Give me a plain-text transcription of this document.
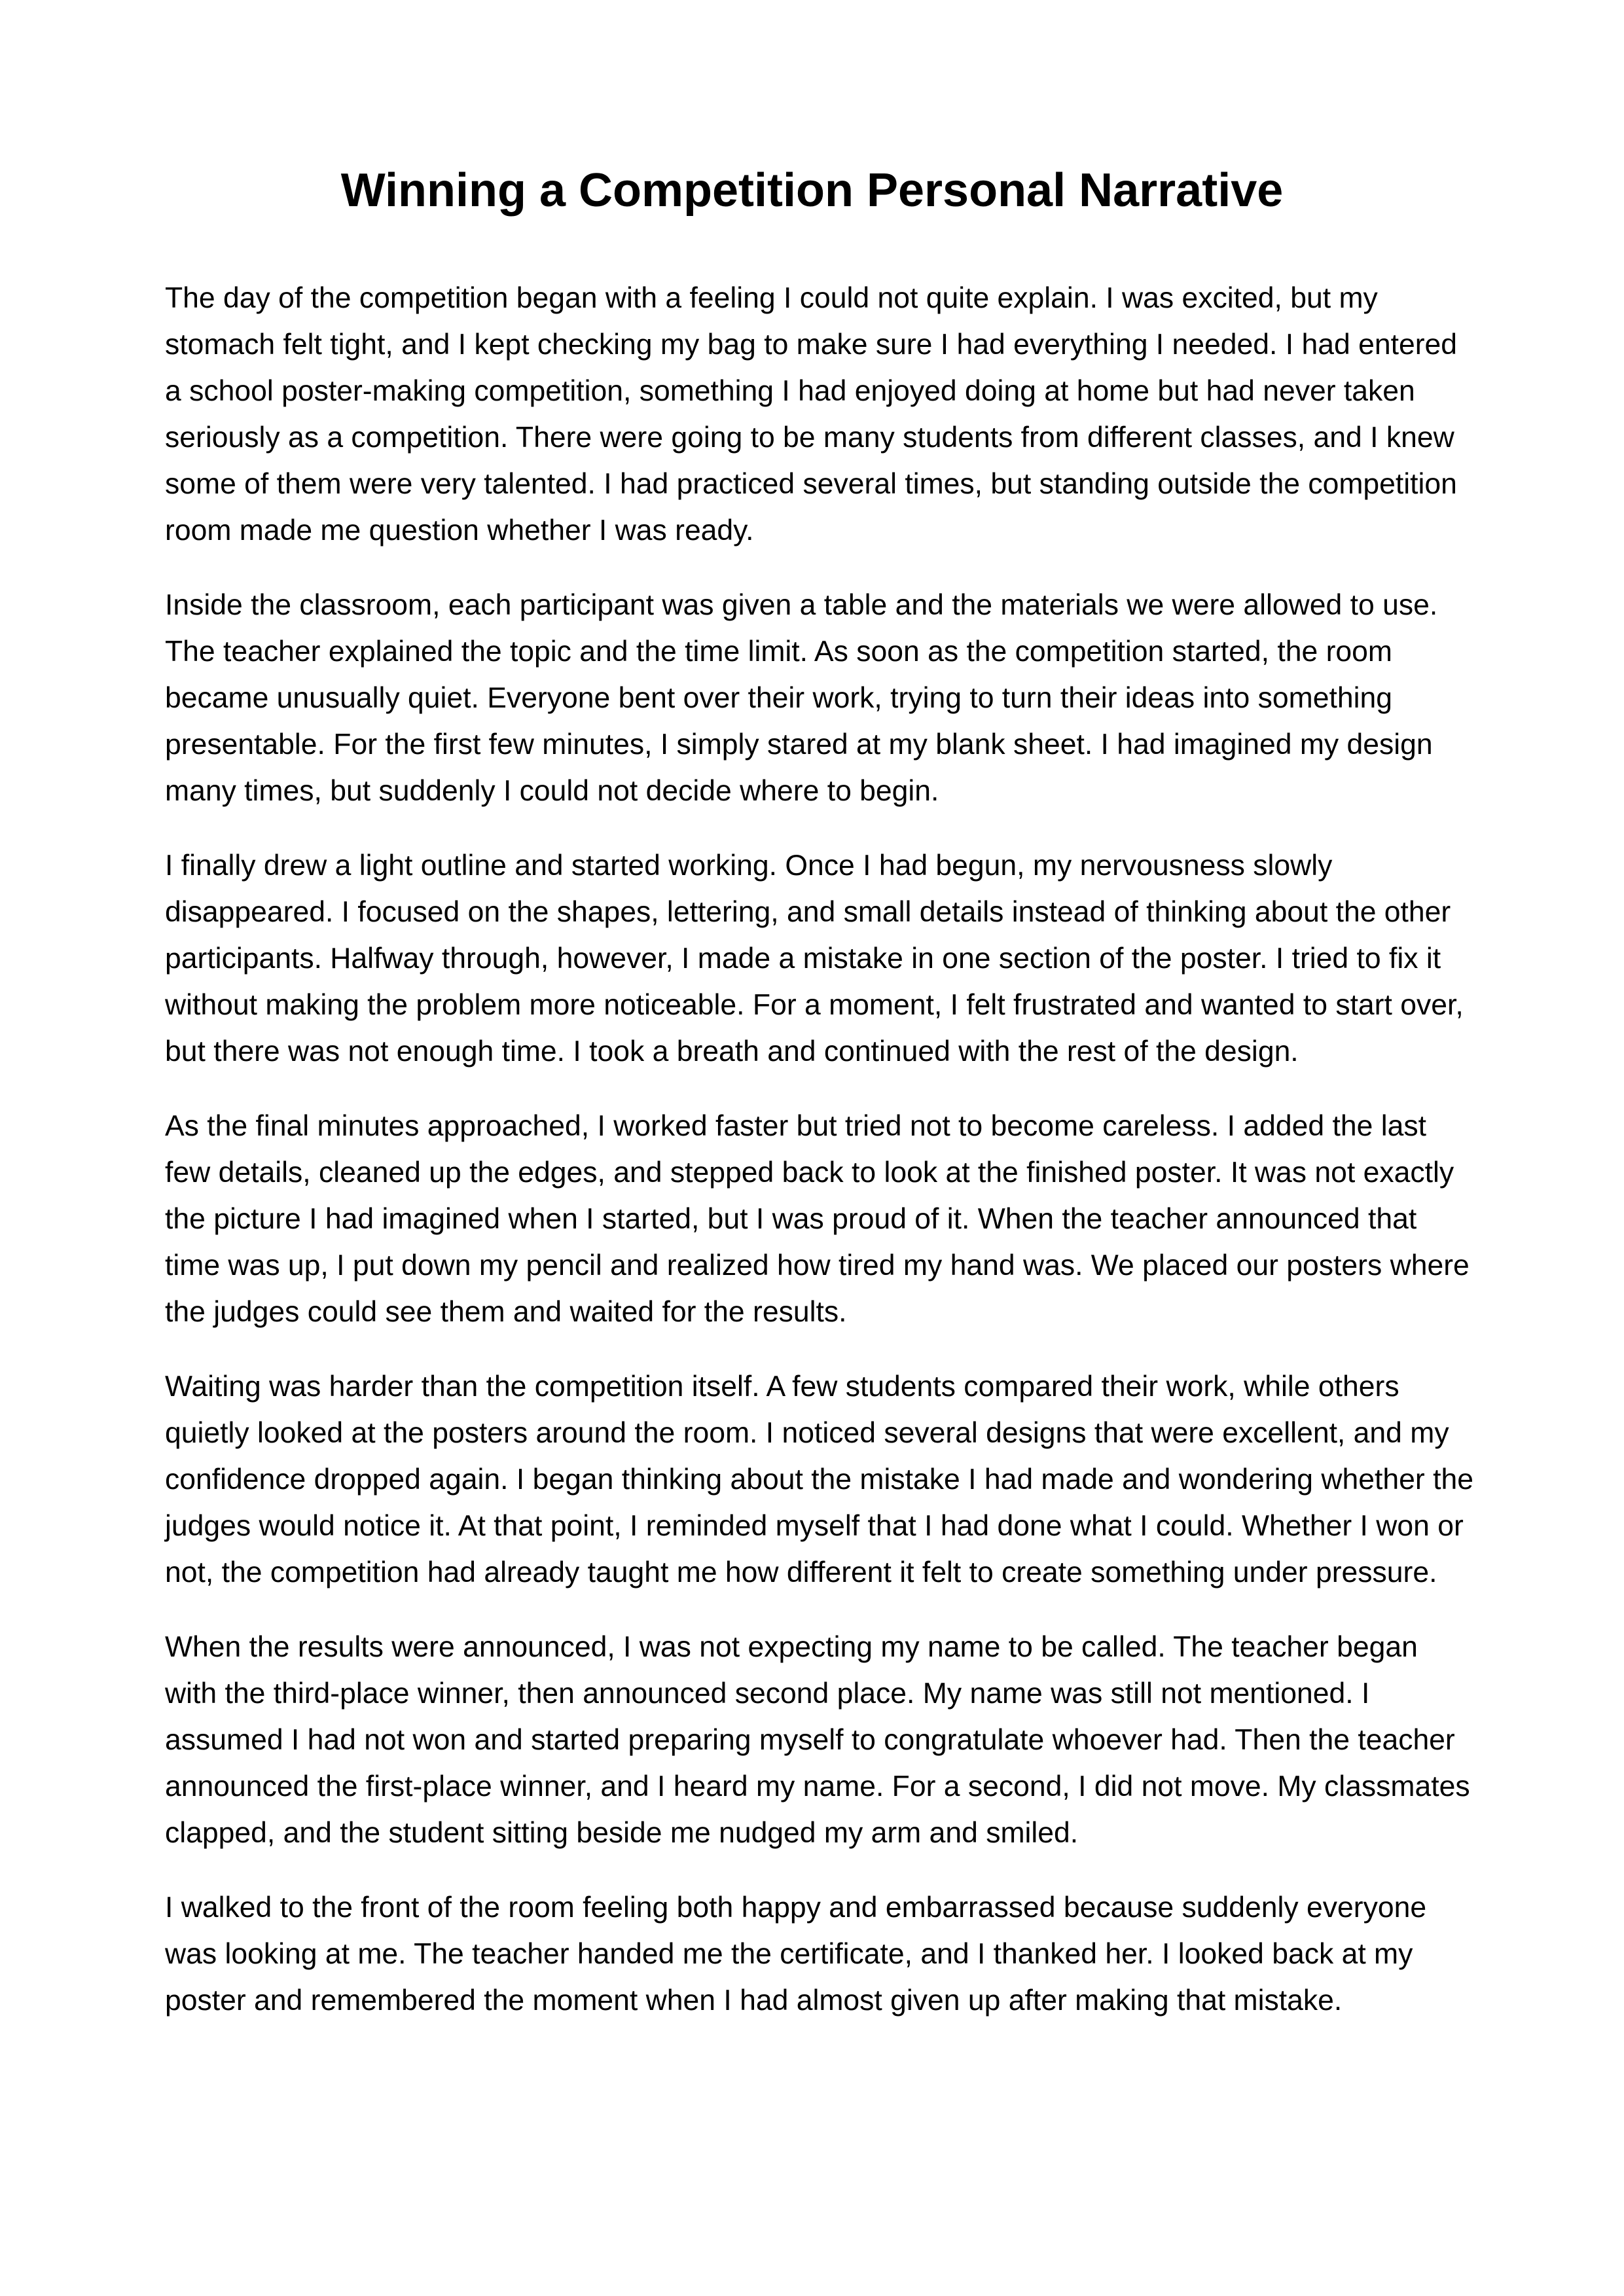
Winning a Competition Personal Narrative

The day of the competition began with a feeling I could not quite explain. I was excited, but my stomach felt tight, and I kept checking my bag to make sure I had everything I needed. I had entered a school poster-making competition, something I had enjoyed doing at home but had never taken seriously as a competition. There were going to be many students from different classes, and I knew some of them were very talented. I had practiced several times, but standing outside the competition room made me question whether I was ready.

Inside the classroom, each participant was given a table and the materials we were allowed to use. The teacher explained the topic and the time limit. As soon as the competition started, the room became unusually quiet. Everyone bent over their work, trying to turn their ideas into something presentable. For the first few minutes, I simply stared at my blank sheet. I had imagined my design many times, but suddenly I could not decide where to begin.

I finally drew a light outline and started working. Once I had begun, my nervousness slowly disappeared. I focused on the shapes, lettering, and small details instead of thinking about the other participants. Halfway through, however, I made a mistake in one section of the poster. I tried to fix it without making the problem more noticeable. For a moment, I felt frustrated and wanted to start over, but there was not enough time. I took a breath and continued with the rest of the design.

As the final minutes approached, I worked faster but tried not to become careless. I added the last few details, cleaned up the edges, and stepped back to look at the finished poster. It was not exactly the picture I had imagined when I started, but I was proud of it. When the teacher announced that time was up, I put down my pencil and realized how tired my hand was. We placed our posters where the judges could see them and waited for the results.

Waiting was harder than the competition itself. A few students compared their work, while others quietly looked at the posters around the room. I noticed several designs that were excellent, and my confidence dropped again. I began thinking about the mistake I had made and wondering whether the judges would notice it. At that point, I reminded myself that I had done what I could. Whether I won or not, the competition had already taught me how different it felt to create something under pressure.

When the results were announced, I was not expecting my name to be called. The teacher began with the third-place winner, then announced second place. My name was still not mentioned. I assumed I had not won and started preparing myself to congratulate whoever had. Then the teacher announced the first-place winner, and I heard my name. For a second, I did not move. My classmates clapped, and the student sitting beside me nudged my arm and smiled.

I walked to the front of the room feeling both happy and embarrassed because suddenly everyone was looking at me. The teacher handed me the certificate, and I thanked her. I looked back at my poster and remembered the moment when I had almost given up after making that mistake.
